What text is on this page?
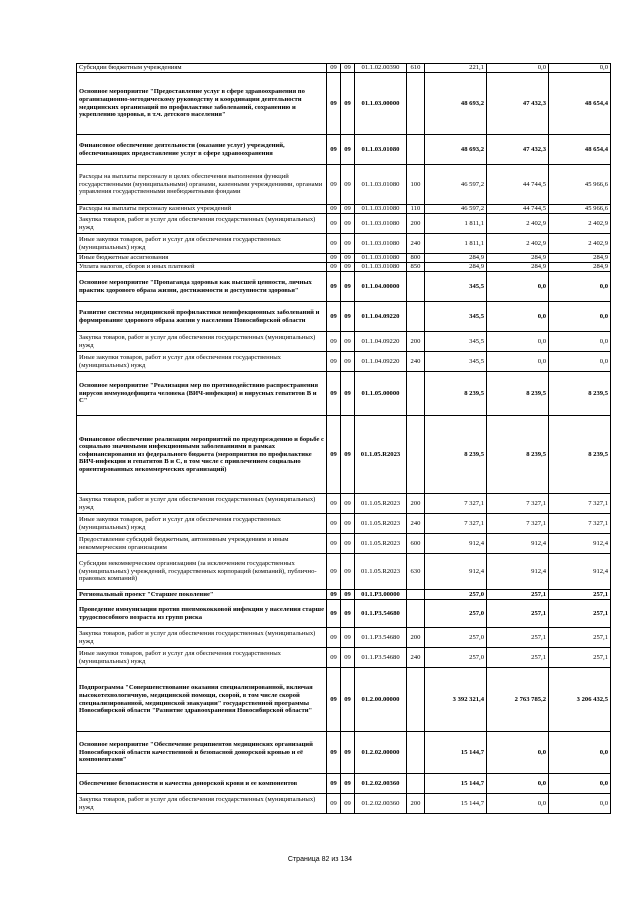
Субсидии бюджетным учреждениям	09	09	01.1.02.00390	610	221,1	0,0	0,0
Основное мероприятие "Предоставление услуг в сфере здравоохранения по организационно-методическому руководству и координации деятельности медицинских организаций по профилактике заболеваний, сохранению и укреплению здоровья, в т.ч. детского населения"	09	09	01.1.03.00000		48 693,2	47 432,3	48 654,4
Финансовое обеспечение деятельности (оказание услуг) учреждений, обеспечивающих предоставление услуг в сфере здравоохранения	09	09	01.1.03.01080		48 693,2	47 432,3	48 654,4
Расходы на выплаты персоналу в целях обеспечения выполнения функций государственными (муниципальными) органами, казенными учреждениями, органами управления государственными внебюджетными фондами	09	09	01.1.03.01080	100	46 597,2	44 744,5	45 966,6
Расходы на выплаты персоналу казенных учреждений	09	09	01.1.03.01080	110	46 597,2	44 744,5	45 966,6
Закупка товаров, работ и услуг для обеспечения государственных (муниципальных) нужд	09	09	01.1.03.01080	200	1 811,1	2 402,9	2 402,9
Иные закупки товаров, работ и услуг для обеспечения государственных (муниципальных) нужд	09	09	01.1.03.01080	240	1 811,1	2 402,9	2 402,9
Иные бюджетные ассигнования	09	09	01.1.03.01080	800	284,9	284,9	284,9
Уплата налогов, сборов и иных платежей	09	09	01.1.03.01080	850	284,9	284,9	284,9
Основное мероприятие "Пропаганда здоровья как высшей ценности, личных практик здорового образа жизни, достижимости и доступности здоровья"	09	09	01.1.04.00000		345,5	0,0	0,0
Развитие системы медицинской профилактики неинфекционных заболеваний и формирование здорового образа жизни у населения Новосибирской области	09	09	01.1.04.09220		345,5	0,0	0,0
Закупка товаров, работ и услуг для обеспечения государственных (муниципальных) нужд	09	09	01.1.04.09220	200	345,5	0,0	0,0
Иные закупки товаров, работ и услуг для обеспечения государственных (муниципальных) нужд	09	09	01.1.04.09220	240	345,5	0,0	0,0
Основное мероприятие "Реализация мер по противодействию распространения вирусов иммунодефицита человека (ВИЧ-инфекция) и вирусных гепатитов В и С"	09	09	01.1.05.00000		8 239,5	8 239,5	8 239,5
Финансовое обеспечение реализации мероприятий по предупреждению и борьбе с социально значимыми инфекционными заболеваниями в рамках софинансирования из федерального бюджета (мероприятия по профилактике ВИЧ-инфекции и гепатитов В и С, в том числе с привлечением социально ориентированных некоммерческих организаций)	09	09	01.1.05.R2023		8 239,5	8 239,5	8 239,5
Закупка товаров, работ и услуг для обеспечения государственных (муниципальных) нужд	09	09	01.1.05.R2023	200	7 327,1	7 327,1	7 327,1
Иные закупки товаров, работ и услуг для обеспечения государственных (муниципальных) нужд	09	09	01.1.05.R2023	240	7 327,1	7 327,1	7 327,1
Предоставление субсидий бюджетным, автономным учреждениям и иным некоммерческим организациям	09	09	01.1.05.R2023	600	912,4	912,4	912,4
Субсидии некоммерческим организациям (за исключением государственных (муниципальных) учреждений, государственных корпораций (компаний), публично-правовых компаний)	09	09	01.1.05.R2023	630	912,4	912,4	912,4
Региональный проект "Старшее поколение"	09	09	01.1.P3.00000		257,0	257,1	257,1
Проведение иммунизации против пневмококковой инфекции у населения старше трудоспособного возраста из групп риска	09	09	01.1.P3.54680		257,0	257,1	257,1
Закупка товаров, работ и услуг для обеспечения государственных (муниципальных) нужд	09	09	01.1.P3.54680	200	257,0	257,1	257,1
Иные закупки товаров, работ и услуг для обеспечения государственных (муниципальных) нужд	09	09	01.1.P3.54680	240	257,0	257,1	257,1
Подпрограмма "Совершенствование оказания специализированной, включая высокотехнологичную, медицинской помощи, скорой, в том числе скорой специализированной, медицинской эвакуации" государственной программы Новосибирской области "Развитие здравоохранения Новосибирской области"	09	09	01.2.00.00000		3 392 321,4	2 763 785,2	3 206 432,5
Основное мероприятие "Обеспечение реципиентов медицинских организаций Новосибирской области качественной и безопасной донорской кровью и её компонентами"	09	09	01.2.02.00000		15 144,7	0,0	0,0
Обеспечение безопасности и качества донорской крови и ее компонентов	09	09	01.2.02.00360		15 144,7	0,0	0,0
Закупка товаров, работ и услуг для обеспечения государственных (муниципальных) нужд	09	09	01.2.02.00360	200	15 144,7	0,0	0,0
Страница 82 из 134
